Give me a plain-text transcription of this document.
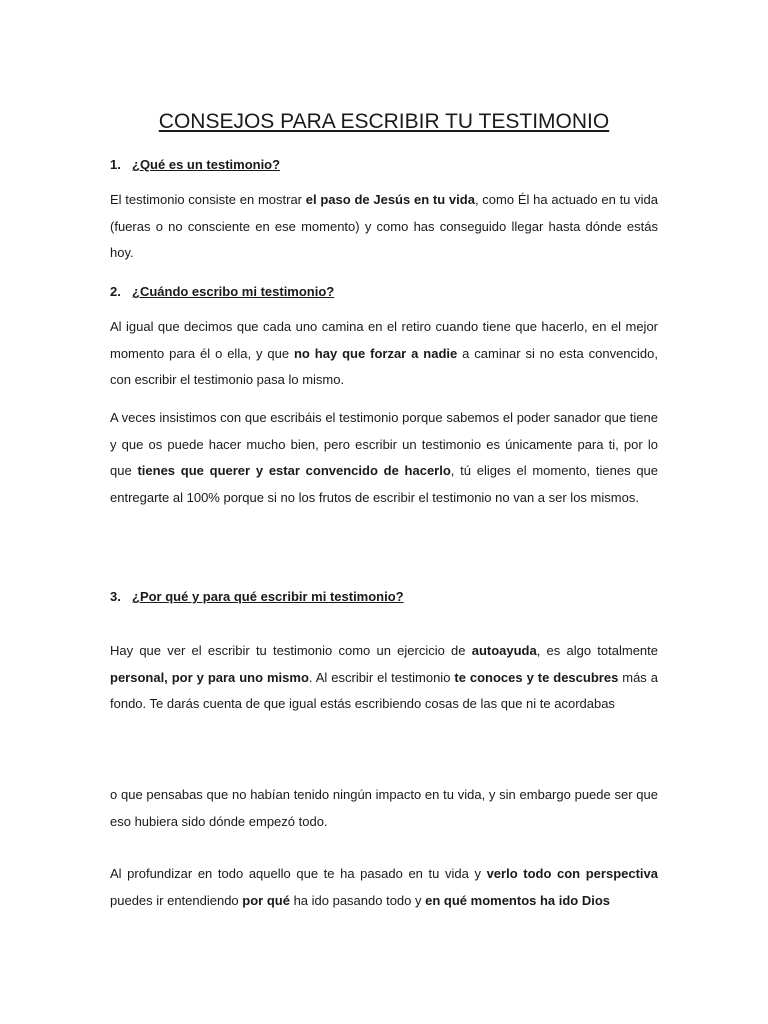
CONSEJOS PARA ESCRIBIR TU TESTIMONIO
1. ¿Qué es un testimonio?

El testimonio consiste en mostrar el paso de Jesús en tu vida, como Él ha actuado en tu vida (fueras o no consciente en ese momento) y como has conseguido llegar hasta dónde estás hoy.

2. ¿Cuándo escribo mi testimonio?

Al igual que decimos que cada uno camina en el retiro cuando tiene que hacerlo, en el mejor momento para él o ella, y que no hay que forzar a nadie a caminar si no esta convencido, con escribir el testimonio pasa lo mismo.

A veces insistimos con que escribáis el testimonio porque sabemos el poder sanador que tiene y que os puede hacer mucho bien, pero escribir un testimonio es únicamente para ti, por lo que tienes que querer y estar convencido de hacerlo, tú eliges el momento, tienes que entregarte al 100% porque si no los frutos de escribir el testimonio no van a ser los mismos.

3. ¿Por qué y para qué escribir mi testimonio?

Hay que ver el escribir tu testimonio como un ejercicio de autoayuda, es algo totalmente personal, por y para uno mismo. Al escribir el testimonio te conoces y te descubres más a fondo. Te darás cuenta de que igual estás escribiendo cosas de las que ni te acordabas

o que pensabas que no habían tenido ningún impacto en tu vida, y sin embargo puede ser que eso hubiera sido dónde empezó todo.

Al profundizar en todo aquello que te ha pasado en tu vida y verlo todo con perspectiva puedes ir entendiendo por qué ha ido pasando todo y en qué momentos ha ido Dios
